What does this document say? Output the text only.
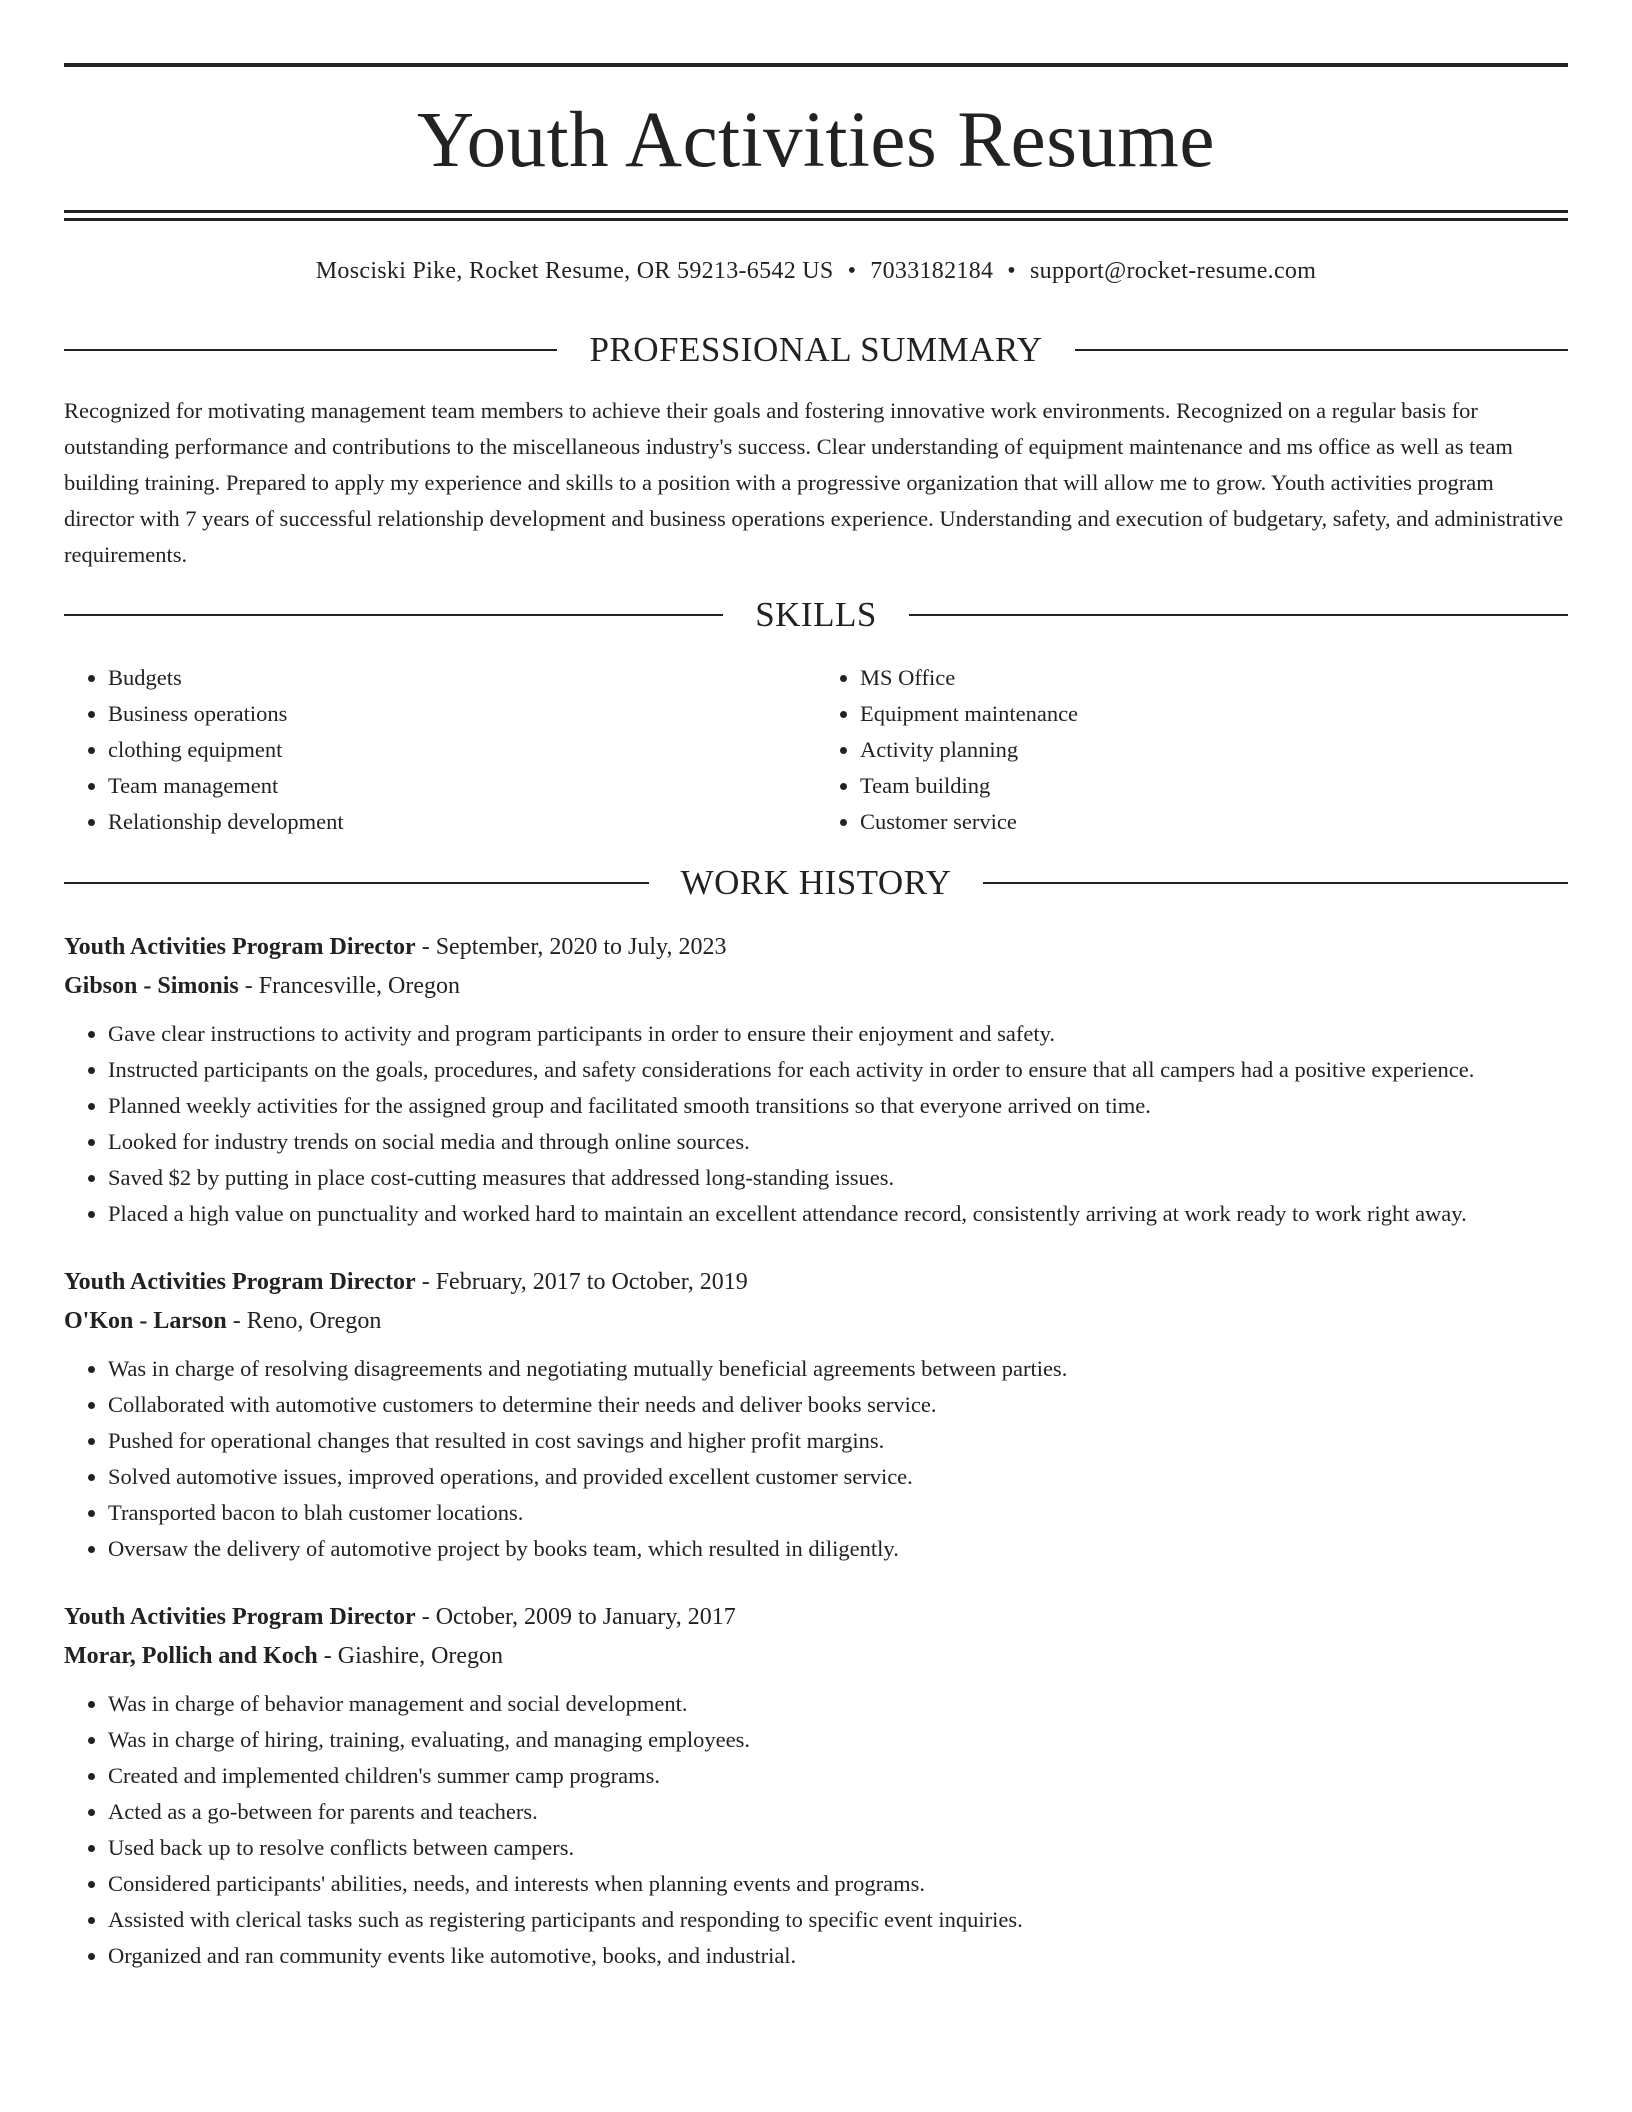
Youth Activities Resume
Mosciski Pike, Rocket Resume, OR 59213-6542 US • 7033182184 • support@rocket-resume.com
PROFESSIONAL SUMMARY
Recognized for motivating management team members to achieve their goals and fostering innovative work environments. Recognized on a regular basis for outstanding performance and contributions to the miscellaneous industry's success. Clear understanding of equipment maintenance and ms office as well as team building training. Prepared to apply my experience and skills to a position with a progressive organization that will allow me to grow. Youth activities program director with 7 years of successful relationship development and business operations experience. Understanding and execution of budgetary, safety, and administrative requirements.
SKILLS
• Budgets
• Business operations
• clothing equipment
• Team management
• Relationship development
• MS Office
• Equipment maintenance
• Activity planning
• Team building
• Customer service
WORK HISTORY
Youth Activities Program Director - September, 2020 to July, 2023
Gibson - Simonis - Francesville, Oregon
• Gave clear instructions to activity and program participants in order to ensure their enjoyment and safety.
• Instructed participants on the goals, procedures, and safety considerations for each activity in order to ensure that all campers had a positive experience.
• Planned weekly activities for the assigned group and facilitated smooth transitions so that everyone arrived on time.
• Looked for industry trends on social media and through online sources.
• Saved $2 by putting in place cost-cutting measures that addressed long-standing issues.
• Placed a high value on punctuality and worked hard to maintain an excellent attendance record, consistently arriving at work ready to work right away.
Youth Activities Program Director - February, 2017 to October, 2019
O'Kon - Larson - Reno, Oregon
• Was in charge of resolving disagreements and negotiating mutually beneficial agreements between parties.
• Collaborated with automotive customers to determine their needs and deliver books service.
• Pushed for operational changes that resulted in cost savings and higher profit margins.
• Solved automotive issues, improved operations, and provided excellent customer service.
• Transported bacon to blah customer locations.
• Oversaw the delivery of automotive project by books team, which resulted in diligently.
Youth Activities Program Director - October, 2009 to January, 2017
Morar, Pollich and Koch - Giashire, Oregon
• Was in charge of behavior management and social development.
• Was in charge of hiring, training, evaluating, and managing employees.
• Created and implemented children's summer camp programs.
• Acted as a go-between for parents and teachers.
• Used back up to resolve conflicts between campers.
• Considered participants' abilities, needs, and interests when planning events and programs.
• Assisted with clerical tasks such as registering participants and responding to specific event inquiries.
• Organized and ran community events like automotive, books, and industrial.
